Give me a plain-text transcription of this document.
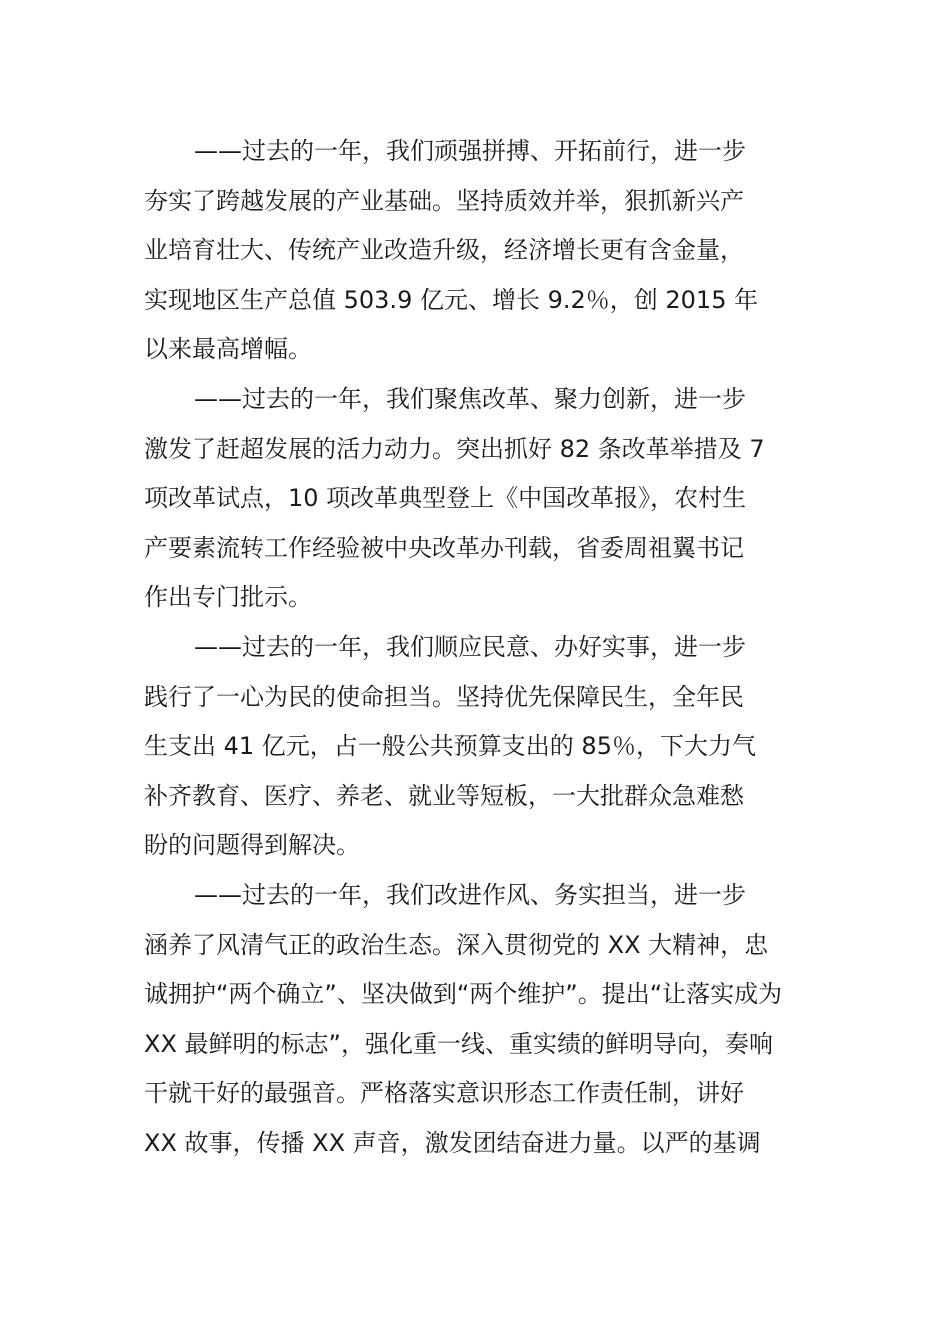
——过去的一年，我们顽强拼搏、开拓前行，进一步
夯实了跨越发展的产业基础。坚持质效并举，狠抓新兴产
业培育壮大、传统产业改造升级，经济增长更有含金量，
实现地区生产总值 503.9 亿元、增长 9.2％，创 2015 年
以来最高增幅。
——过去的一年，我们聚焦改革、聚力创新，进一步
激发了赶超发展的活力动力。突出抓好 82 条改革举措及 7
项改革试点，10 项改革典型登上《中国改革报》，农村生
产要素流转工作经验被中央改革办刊载，省委周祖翼书记
作出专门批示。
——过去的一年，我们顺应民意、办好实事，进一步
践行了一心为民的使命担当。坚持优先保障民生，全年民
生支出 41 亿元，占一般公共预算支出的 85％，下大力气
补齐教育、医疗、养老、就业等短板，一大批群众急难愁
盼的问题得到解决。
——过去的一年，我们改进作风、务实担当，进一步
涵养了风清气正的政治生态。深入贯彻党的 XX 大精神，忠
诚拥护“两个确立”、坚决做到“两个维护”。提出“让落实成为
XX 最鲜明的标志”，强化重一线、重实绩的鲜明导向，奏响
干就干好的最强音。严格落实意识形态工作责任制，讲好
XX 故事，传播 XX 声音，激发团结奋进力量。以严的基调
